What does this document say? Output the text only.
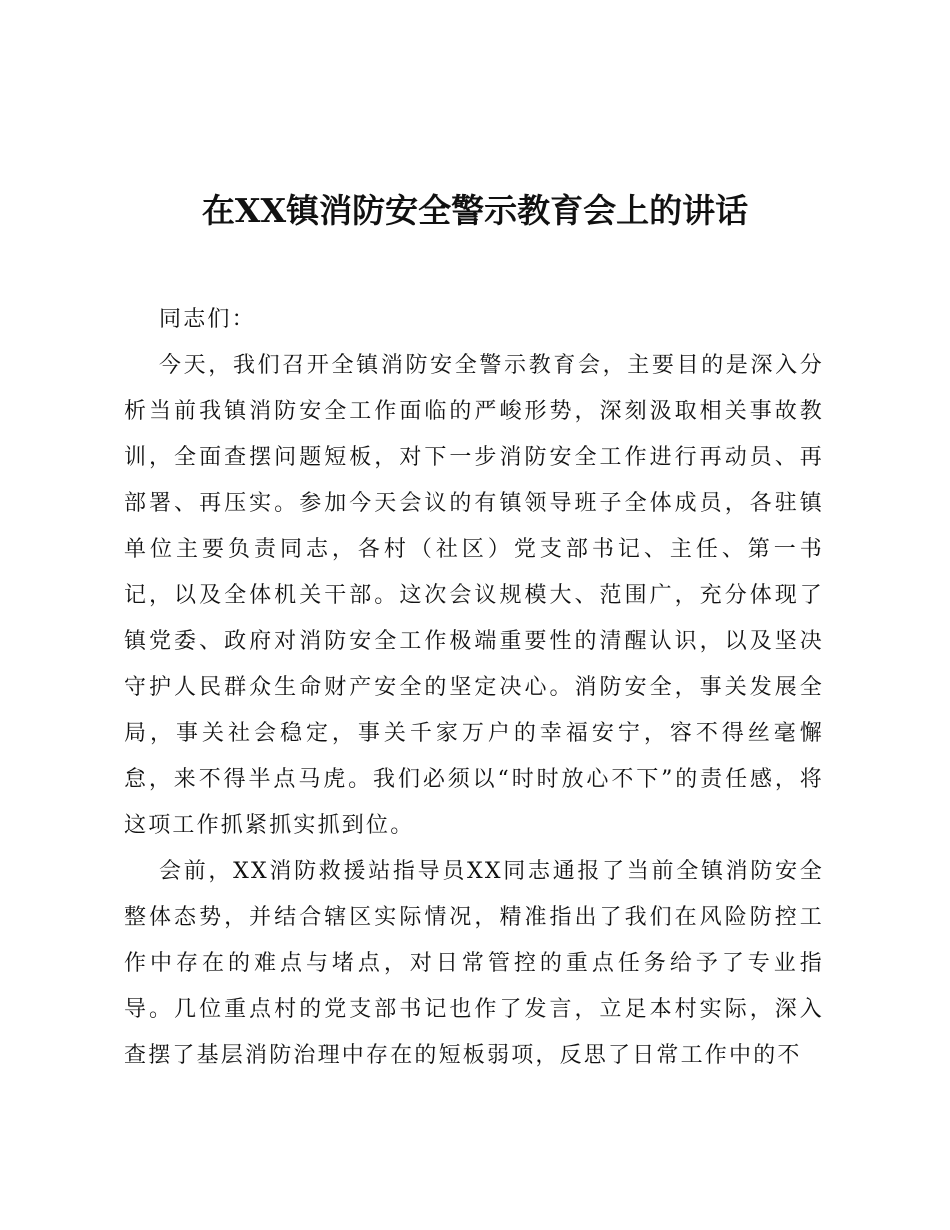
在XX镇消防安全警示教育会上的讲话

同志们：

今天，我们召开全镇消防安全警示教育会，主要目的是深入分析当前我镇消防安全工作面临的严峻形势，深刻汲取相关事故教训，全面查摆问题短板，对下一步消防安全工作进行再动员、再部署、再压实。参加今天会议的有镇领导班子全体成员，各驻镇单位主要负责同志，各村（社区）党支部书记、主任、第一书记，以及全体机关干部。这次会议规模大、范围广，充分体现了镇党委、政府对消防安全工作极端重要性的清醒认识，以及坚决守护人民群众生命财产安全的坚定决心。消防安全，事关发展全局，事关社会稳定，事关千家万户的幸福安宁，容不得丝毫懈怠，来不得半点马虎。我们必须以“时时放心不下”的责任感，将这项工作抓紧抓实抓到位。

会前，XX消防救援站指导员XX同志通报了当前全镇消防安全整体态势，并结合辖区实际情况，精准指出了我们在风险防控工作中存在的难点与堵点，对日常管控的重点任务给予了专业指导。几位重点村的党支部书记也作了发言，立足本村实际，深入查摆了基层消防治理中存在的短板弱项，反思了日常工作中的不
